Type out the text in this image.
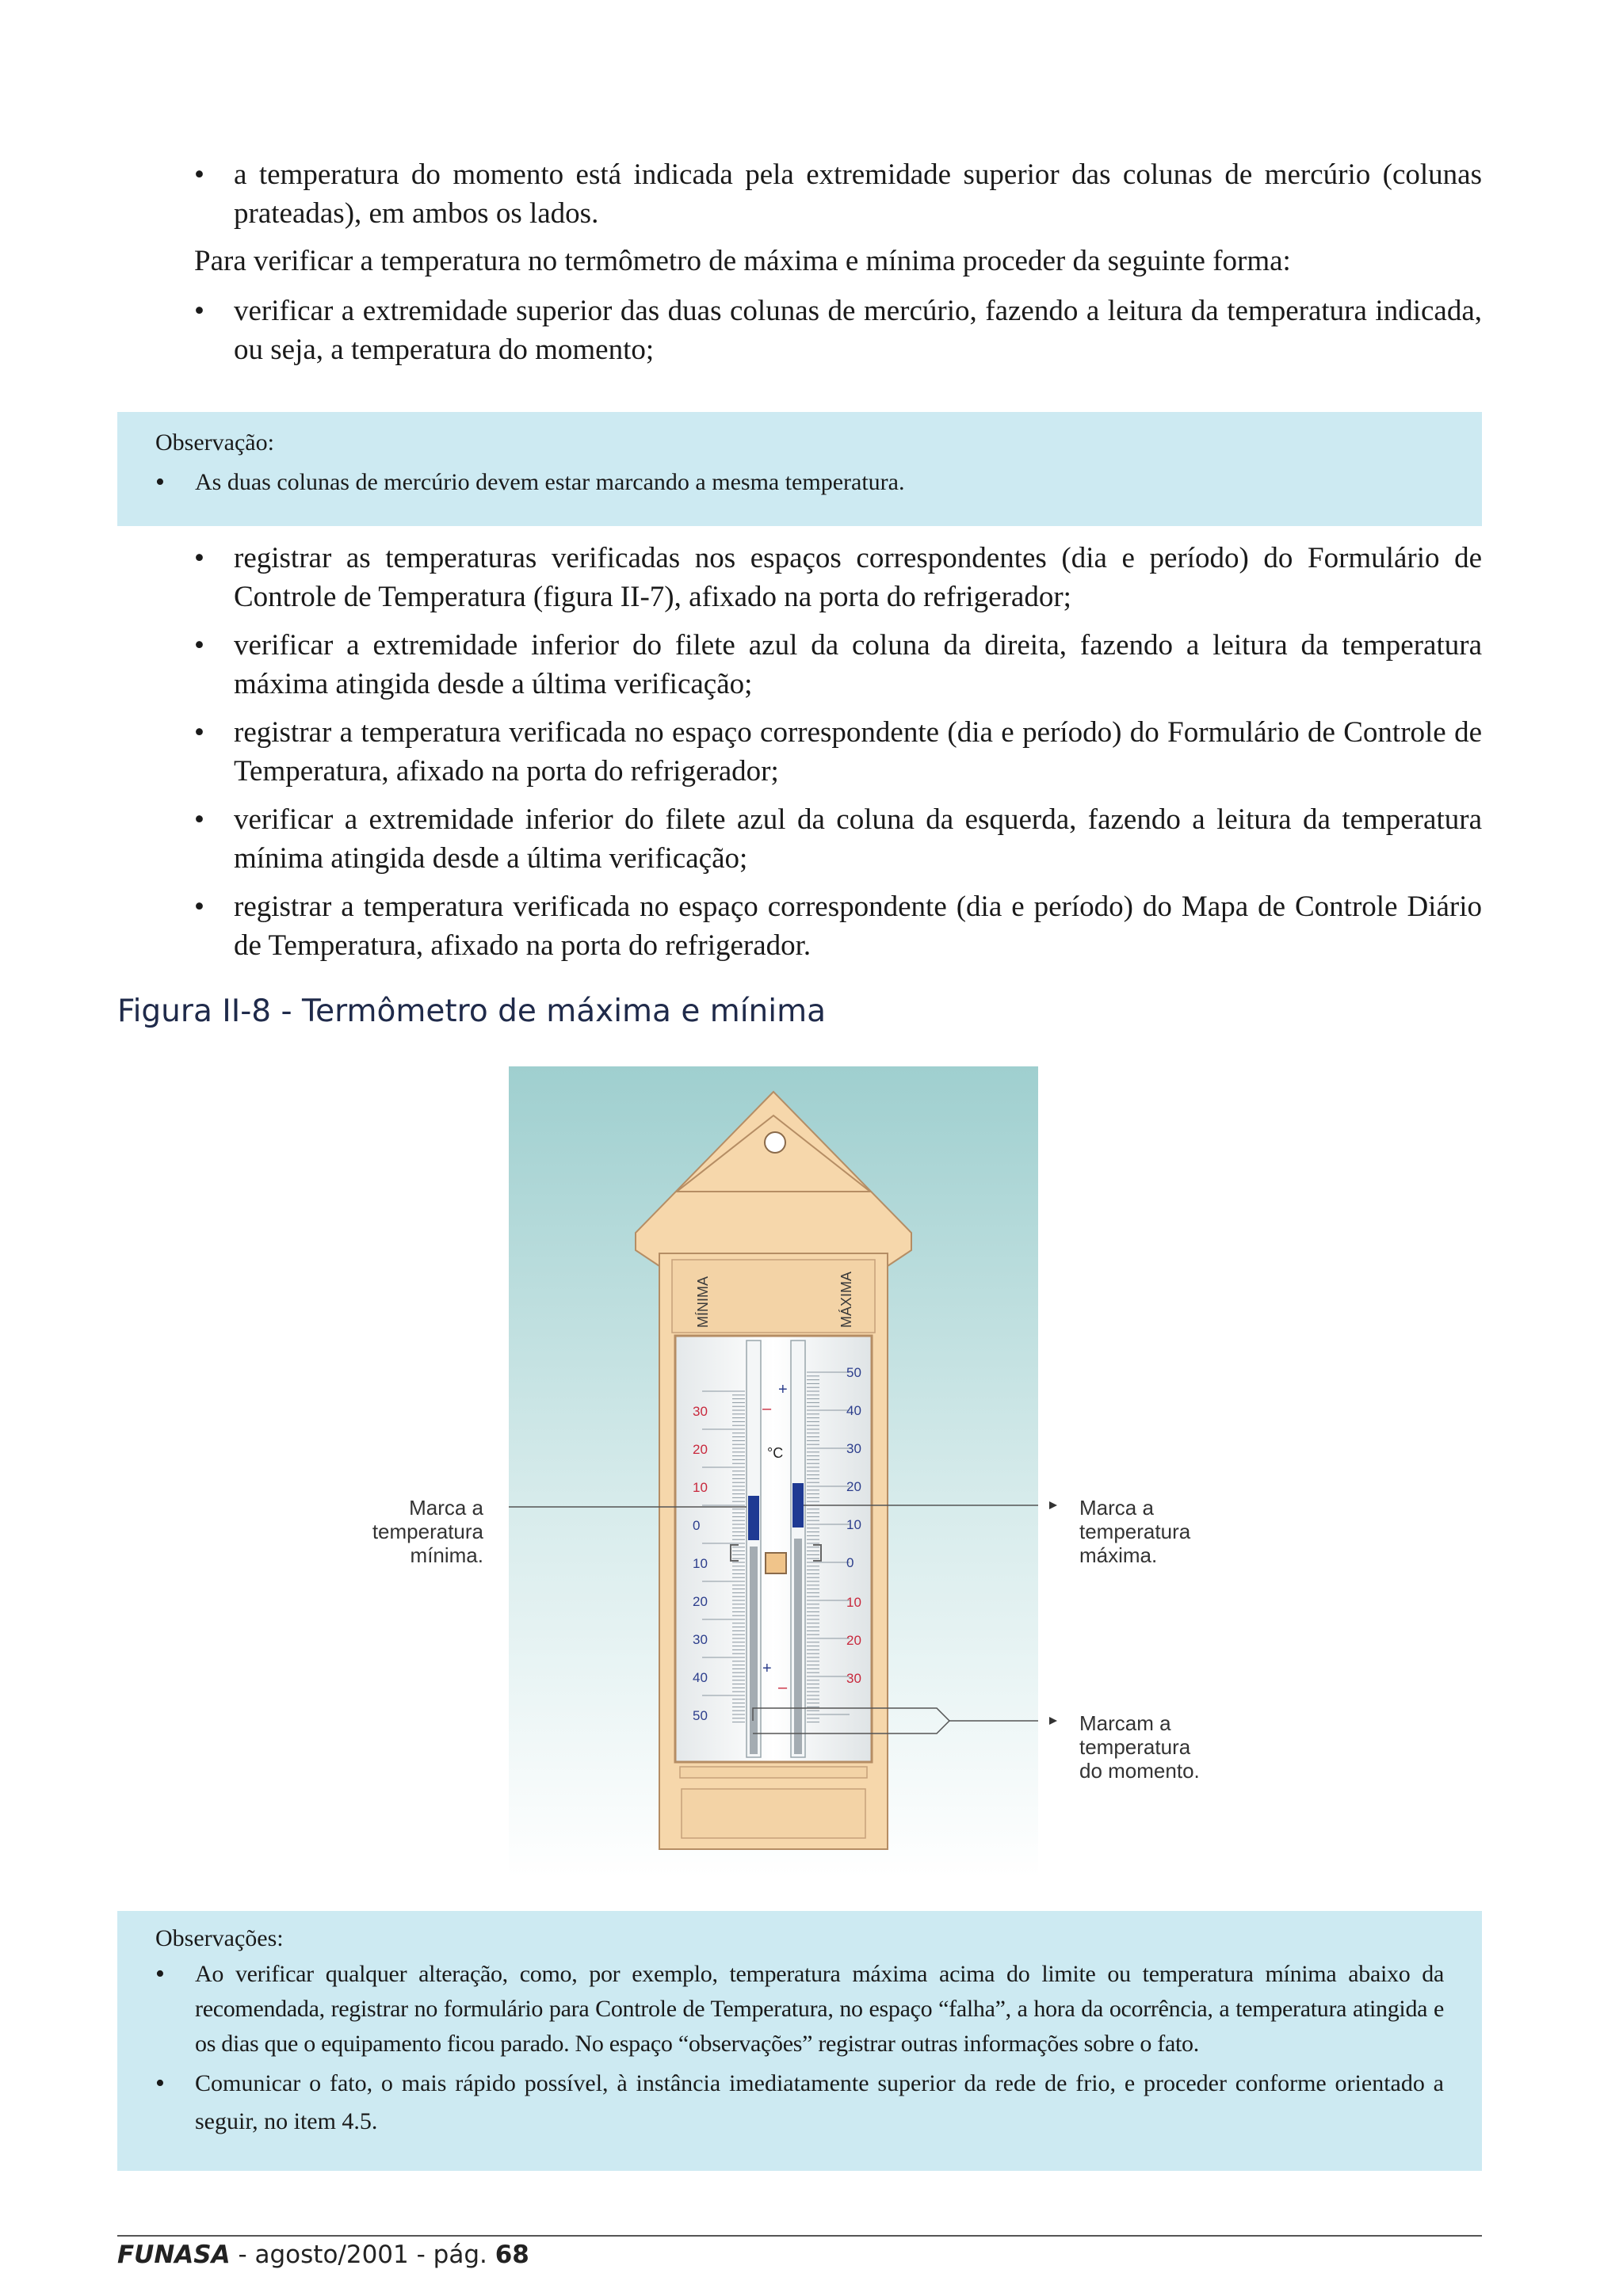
• a temperatura do momento está indicada pela extremidade superior das colunas de mercúrio (colunas prateadas), em ambos os lados.

Para verificar a temperatura no termômetro de máxima e mínima proceder da seguinte forma:

• verificar a extremidade superior das duas colunas de mercúrio, fazendo a leitura da temperatura indicada, ou seja, a temperatura do momento;

Observação:

• As duas colunas de mercúrio devem estar marcando a mesma temperatura.
• registrar as temperaturas verificadas nos espaços correspondentes (dia e período) do Formulário de Controle de Temperatura (figura II-7), afixado na porta do refrigerador;
• verificar a extremidade inferior do filete azul da coluna da direita, fazendo a leitura da temperatura máxima atingida desde a última verificação;
• registrar a temperatura verificada no espaço correspondente (dia e período) do Formulário de Controle de Temperatura, afixado na porta do refrigerador;
• verificar a extremidade inferior do filete azul da coluna da esquerda, fazendo a leitura da temperatura mínima atingida desde a última verificação;
• registrar a temperatura verificada no espaço correspondente (dia e período) do Mapa de Controle Diário de Temperatura, afixado na porta do refrigerador.
Figura II-8 - Termômetro de máxima e mínima
MÍNIMA	MÁXIMA
°C
+
–
+
–
30
20
10
0
10
20
30
40
50
50
40
30
20
10
0
10
20
30
Marca a
temperatura
mínima.
Marca a
temperatura
máxima.
Marcam a
temperatura
do momento.

Observações:

• Ao verificar qualquer alteração, como, por exemplo, temperatura máxima acima do limite ou temperatura mínima abaixo da recomendada, registrar no formulário para Controle de Temperatura, no espaço “falha”, a hora da ocorrência, a temperatura atingida e os dias que o equipamento ficou parado. No espaço “observações” registrar outras informações sobre o fato.
• Comunicar o fato, o mais rápido possível, à instância imediatamente superior da rede de frio, e proceder conforme orientado a seguir, no item 4.5.
FUNASA - agosto/2001 - pág. 68
